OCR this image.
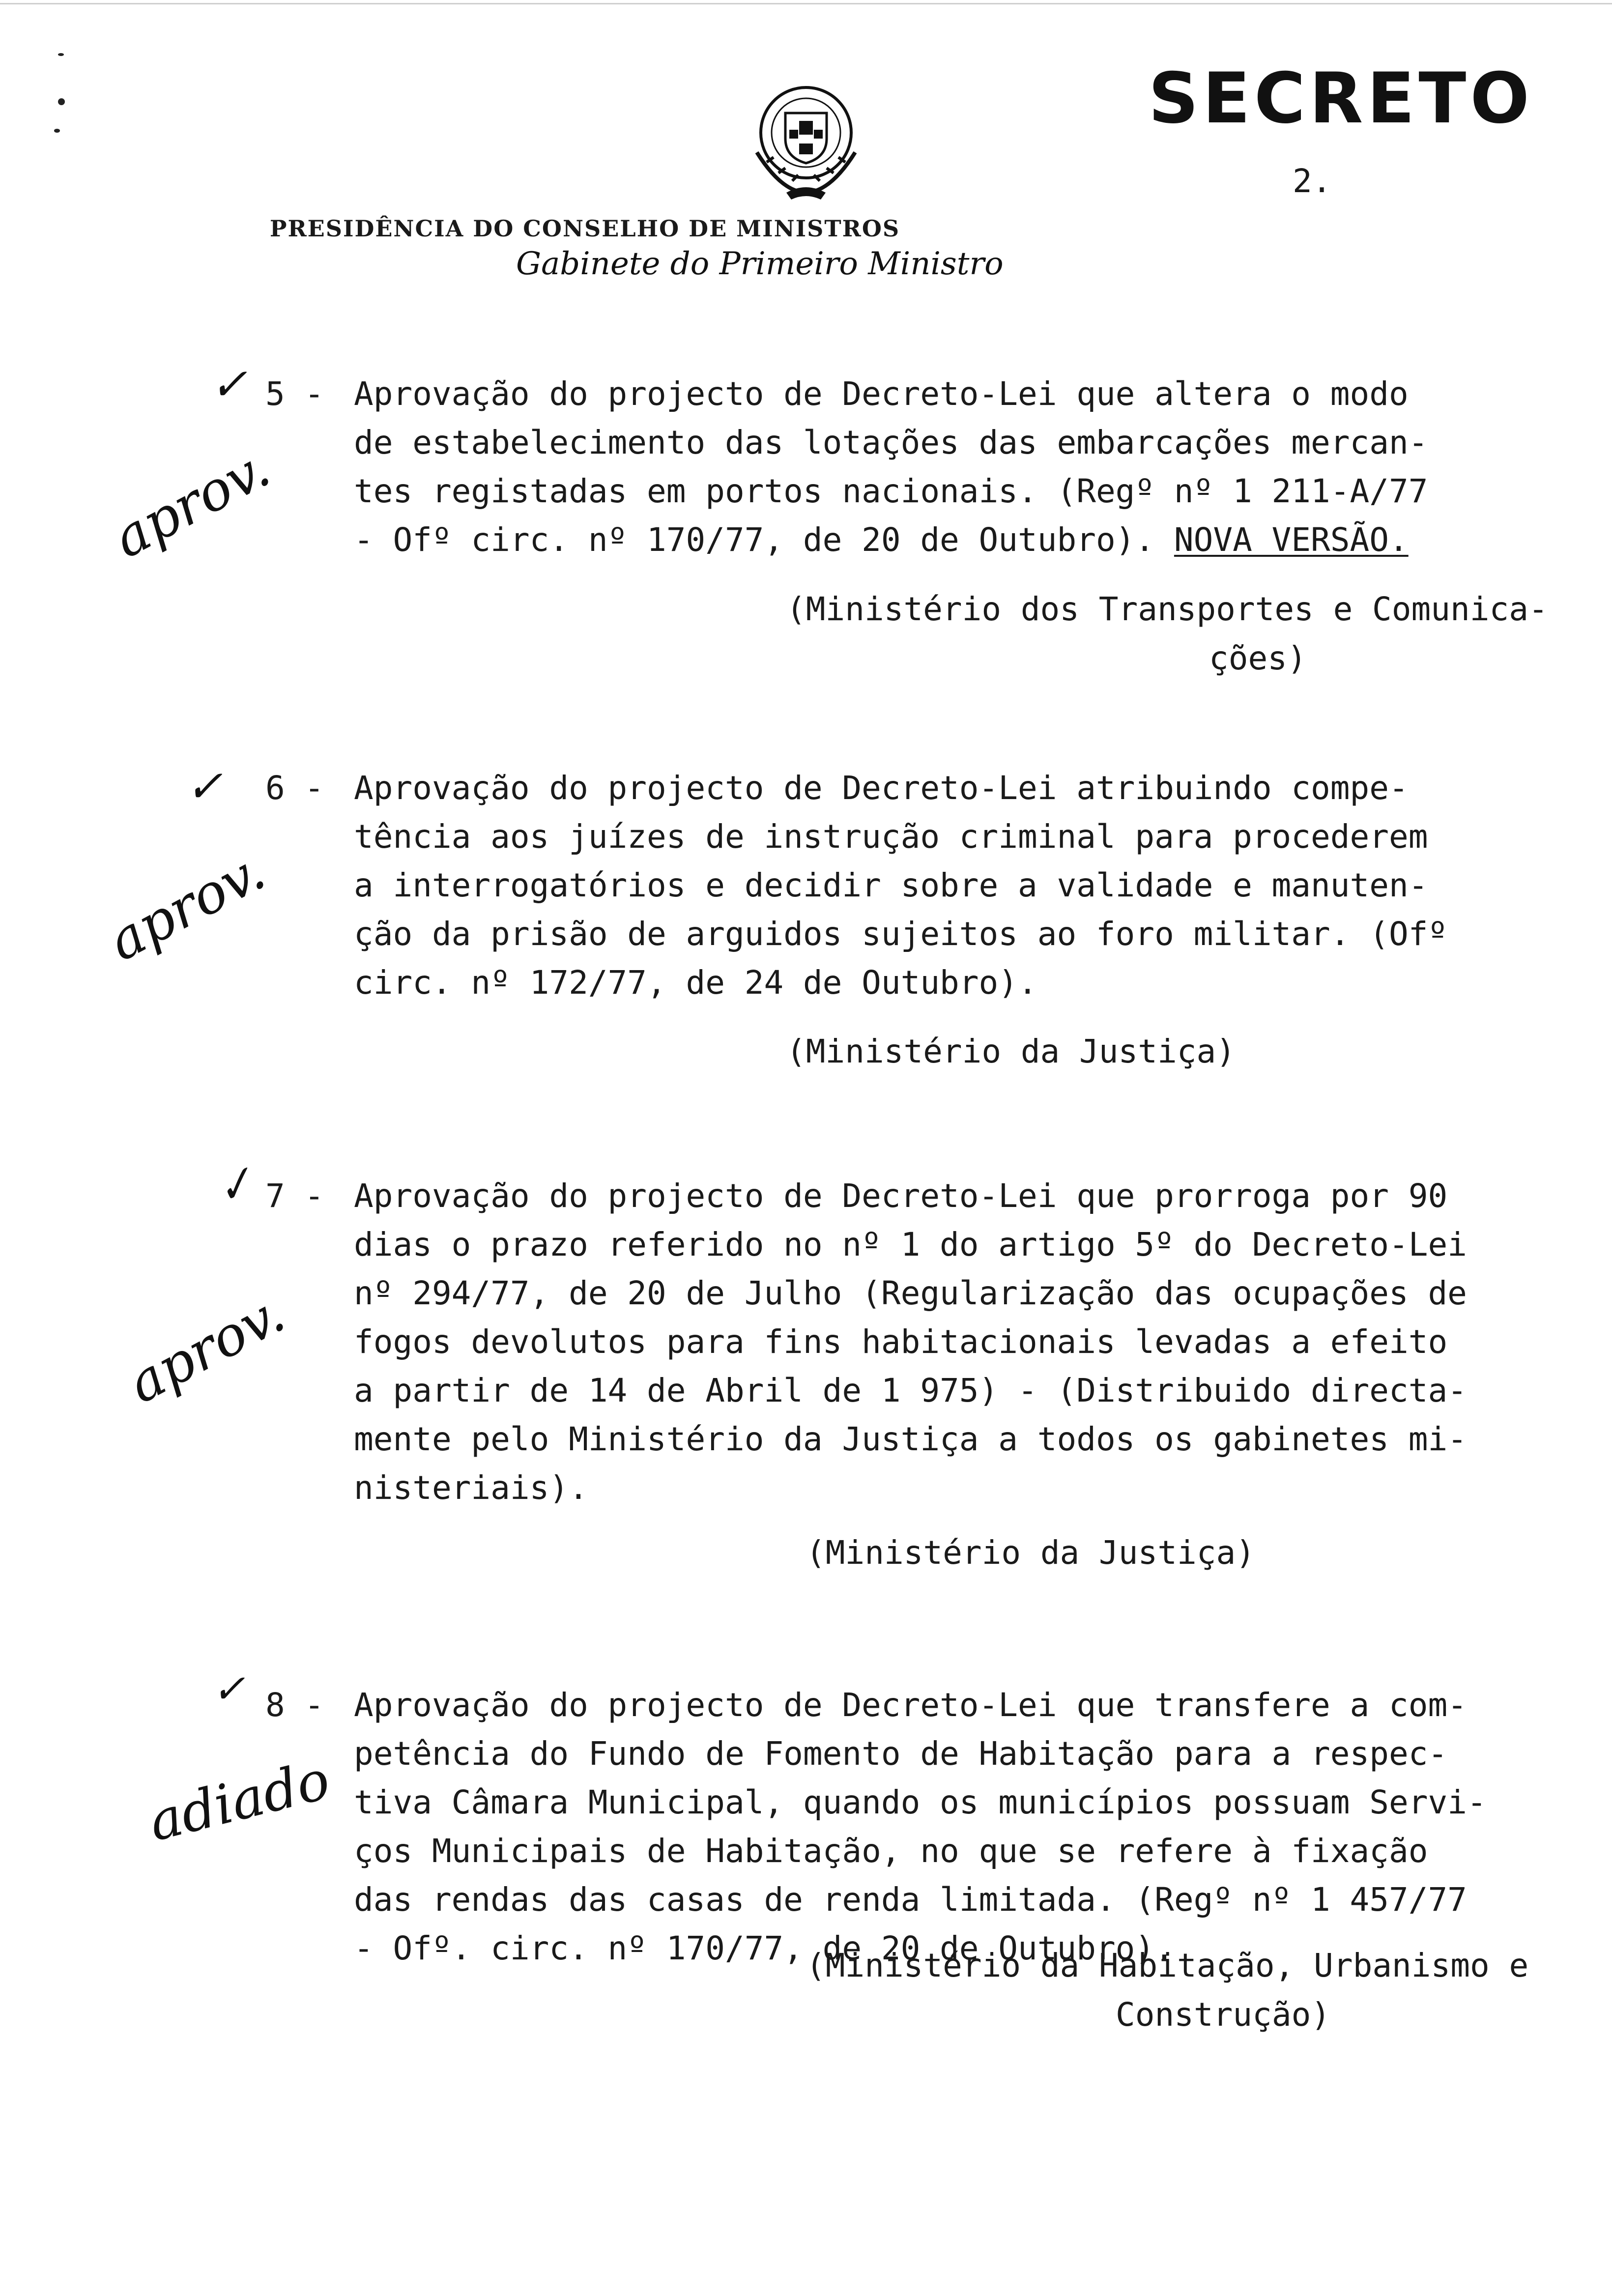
SECRETO
2.
PRESIDÊNCIA DO CONSELHO DE MINISTROS
Gabinete do Primeiro Ministro
✓
aprov.
5 - Aprovação do projecto de Decreto-Lei que altera o modo
de estabelecimento das lotações das embarcações mercan-
tes registadas em portos nacionais. (Regº nº 1 211-A/77
- Ofº circ. nº 170/77, de 20 de Outubro). NOVA VERSÃO.
(Ministério dos Transportes e Comunica-
ções)
✓
aprov.
6 - Aprovação do projecto de Decreto-Lei atribuindo compe-
tência aos juízes de instrução criminal para procederem
a interrogatórios e decidir sobre a validade e manuten-
ção da prisão de arguidos sujeitos ao foro militar. (Ofº
circ. nº 172/77, de 24 de Outubro).
(Ministério da Justiça)
✓
aprov.
7 - Aprovação do projecto de Decreto-Lei que prorroga por 90
dias o prazo referido no nº 1 do artigo 5º do Decreto-Lei
nº 294/77, de 20 de Julho (Regularização das ocupações de
fogos devolutos para fins habitacionais levadas a efeito
a partir de 14 de Abril de 1 975) - (Distribuido directa-
mente pelo Ministério da Justiça a todos os gabinetes mi-
nisteriais).
(Ministério da Justiça)
✓
adiado
8 - Aprovação do projecto de Decreto-Lei que transfere a com-
petência do Fundo de Fomento de Habitação para a respec-
tiva Câmara Municipal, quando os municípios possuam Servi-
ços Municipais de Habitação, no que se refere à fixação
das rendas das casas de renda limitada. (Regº nº 1 457/77
- Ofº. circ. nº 170/77, de 20 de Outubro).
(Ministério da Habitação, Urbanismo e
Construção)
